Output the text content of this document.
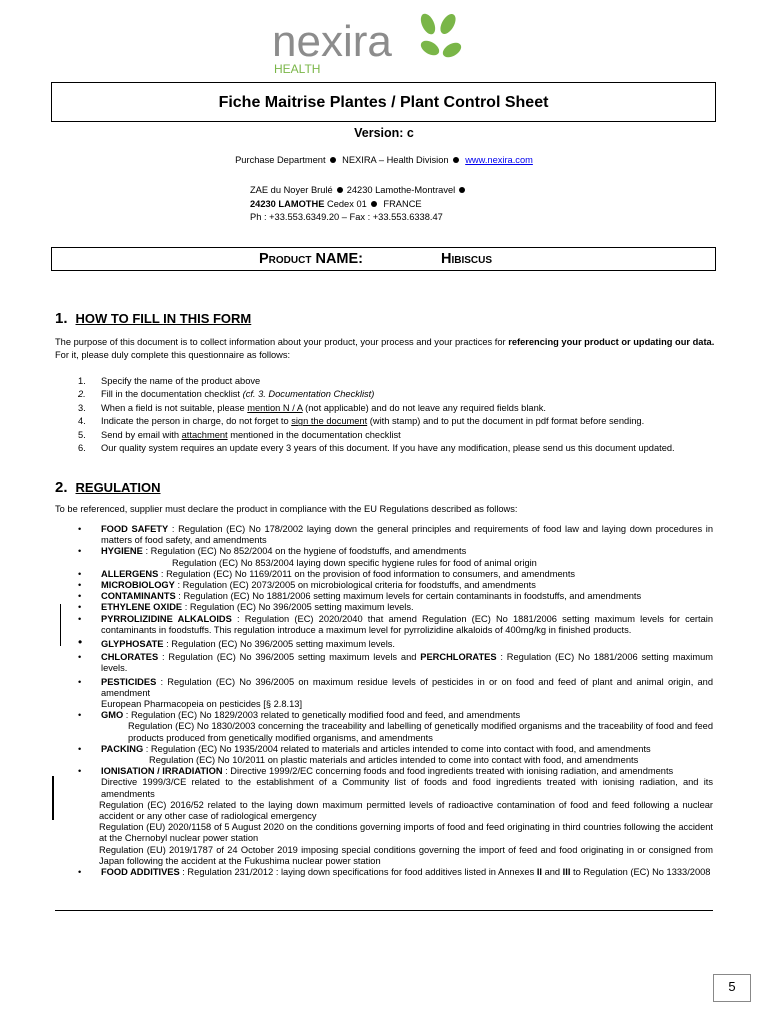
nexira
HEALTH
Fiche Maitrise Plantes / Plant Control Sheet
Version: c
Purchase Department NEXIRA – Health Division www.nexira.com
ZAE du Noyer Brulé 24230 Lamothe-Montravel
24230 LAMOTHE Cedex 01 FRANCE
Ph : +33.553.6349.20 – Fax : +33.553.6338.47
Product NAME:	Hibiscus
1. HOW TO FILL IN THIS FORM
The purpose of this document is to collect information about your product, your process and your practices for referencing your product or updating our data.
For it, please duly complete this questionnaire as follows:
1. Specify the name of the product above
2. Fill in the documentation checklist (cf. 3. Documentation Checklist)
3. When a field is not suitable, please mention N / A (not applicable) and do not leave any required fields blank.
4. Indicate the person in charge, do not forget to sign the document (with stamp) and to put the document in pdf format before sending.
5. Send by email with attachment mentioned in the documentation checklist
6. Our quality system requires an update every 3 years of this document. If you have any modification, please send us this document updated.
2. REGULATION
To be referenced, supplier must declare the product in compliance with the EU Regulations described as follows:
• FOOD SAFETY : Regulation (EC) No 178/2002 laying down the general principles and requirements of food law and laying down procedures in matters of food safety, and amendments
• HYGIENE : Regulation (EC) No 852/2004 on the hygiene of foodstuffs, and amendments
Regulation (EC) No 853/2004 laying down specific hygiene rules for food of animal origin
• ALLERGENS : Regulation (EC) No 1169/2011 on the provision of food information to consumers, and amendments
• MICROBIOLOGY : Regulation (EC) 2073/2005 on microbiological criteria for foodstuffs, and amendments
• CONTAMINANTS : Regulation (EC) No 1881/2006 setting maximum levels for certain contaminants in foodstuffs, and amendments
• ETHYLENE OXIDE : Regulation (EC) No 396/2005 setting maximum levels.
• PYRROLIZIDINE ALKALOIDS : Regulation (EC) 2020/2040 that amend Regulation (EC) No 1881/2006 setting maximum levels for certain contaminants in foodstuffs. This regulation introduce a maximum level for pyrrolizidine alkaloids of 400mg/kg in finished products.
• GLYPHOSATE : Regulation (EC) No 396/2005 setting maximum levels.
• CHLORATES : Regulation (EC) No 396/2005 setting maximum levels and PERCHLORATES : Regulation (EC) No 1881/2006 setting maximum levels.
• PESTICIDES : Regulation (EC) No 396/2005 on maximum residue levels of pesticides in or on food and feed of plant and animal origin, and amendment
European Pharmacopeia on pesticides [§ 2.8.13]
• GMO : Regulation (EC) No 1829/2003 related to genetically modified food and feed, and amendments
Regulation (EC) No 1830/2003 concerning the traceability and labelling of genetically modified organisms and the traceability of food and feed products produced from genetically modified organisms, and amendments
• PACKING : Regulation (EC) No 1935/2004 related to materials and articles intended to come into contact with food, and amendments
Regulation (EC) No 10/2011 on plastic materials and articles intended to come into contact with food, and amendments
• IONISATION / IRRADIATION : Directive 1999/2/EC concerning foods and food ingredients treated with ionising radiation, and amendments
Directive 1999/3/CE related to the establishment of a Community list of foods and food ingredients treated with ionising radiation, and its amendments
Regulation (EC) 2016/52 related to the laying down maximum permitted levels of radioactive contamination of food and feed following a nuclear accident or any other case of radiological emergency
Regulation (EU) 2020/1158 of 5 August 2020 on the conditions governing imports of food and feed originating in third countries following the accident at the Chernobyl nuclear power station
Regulation (EU) 2019/1787 of 24 October 2019 imposing special conditions governing the import of feed and food originating in or consigned from Japan following the accident at the Fukushima nuclear power station
• FOOD ADDITIVES : Regulation 231/2012 : laying down specifications for food additives listed in Annexes II and III to Regulation (EC) No 1333/2008
5
